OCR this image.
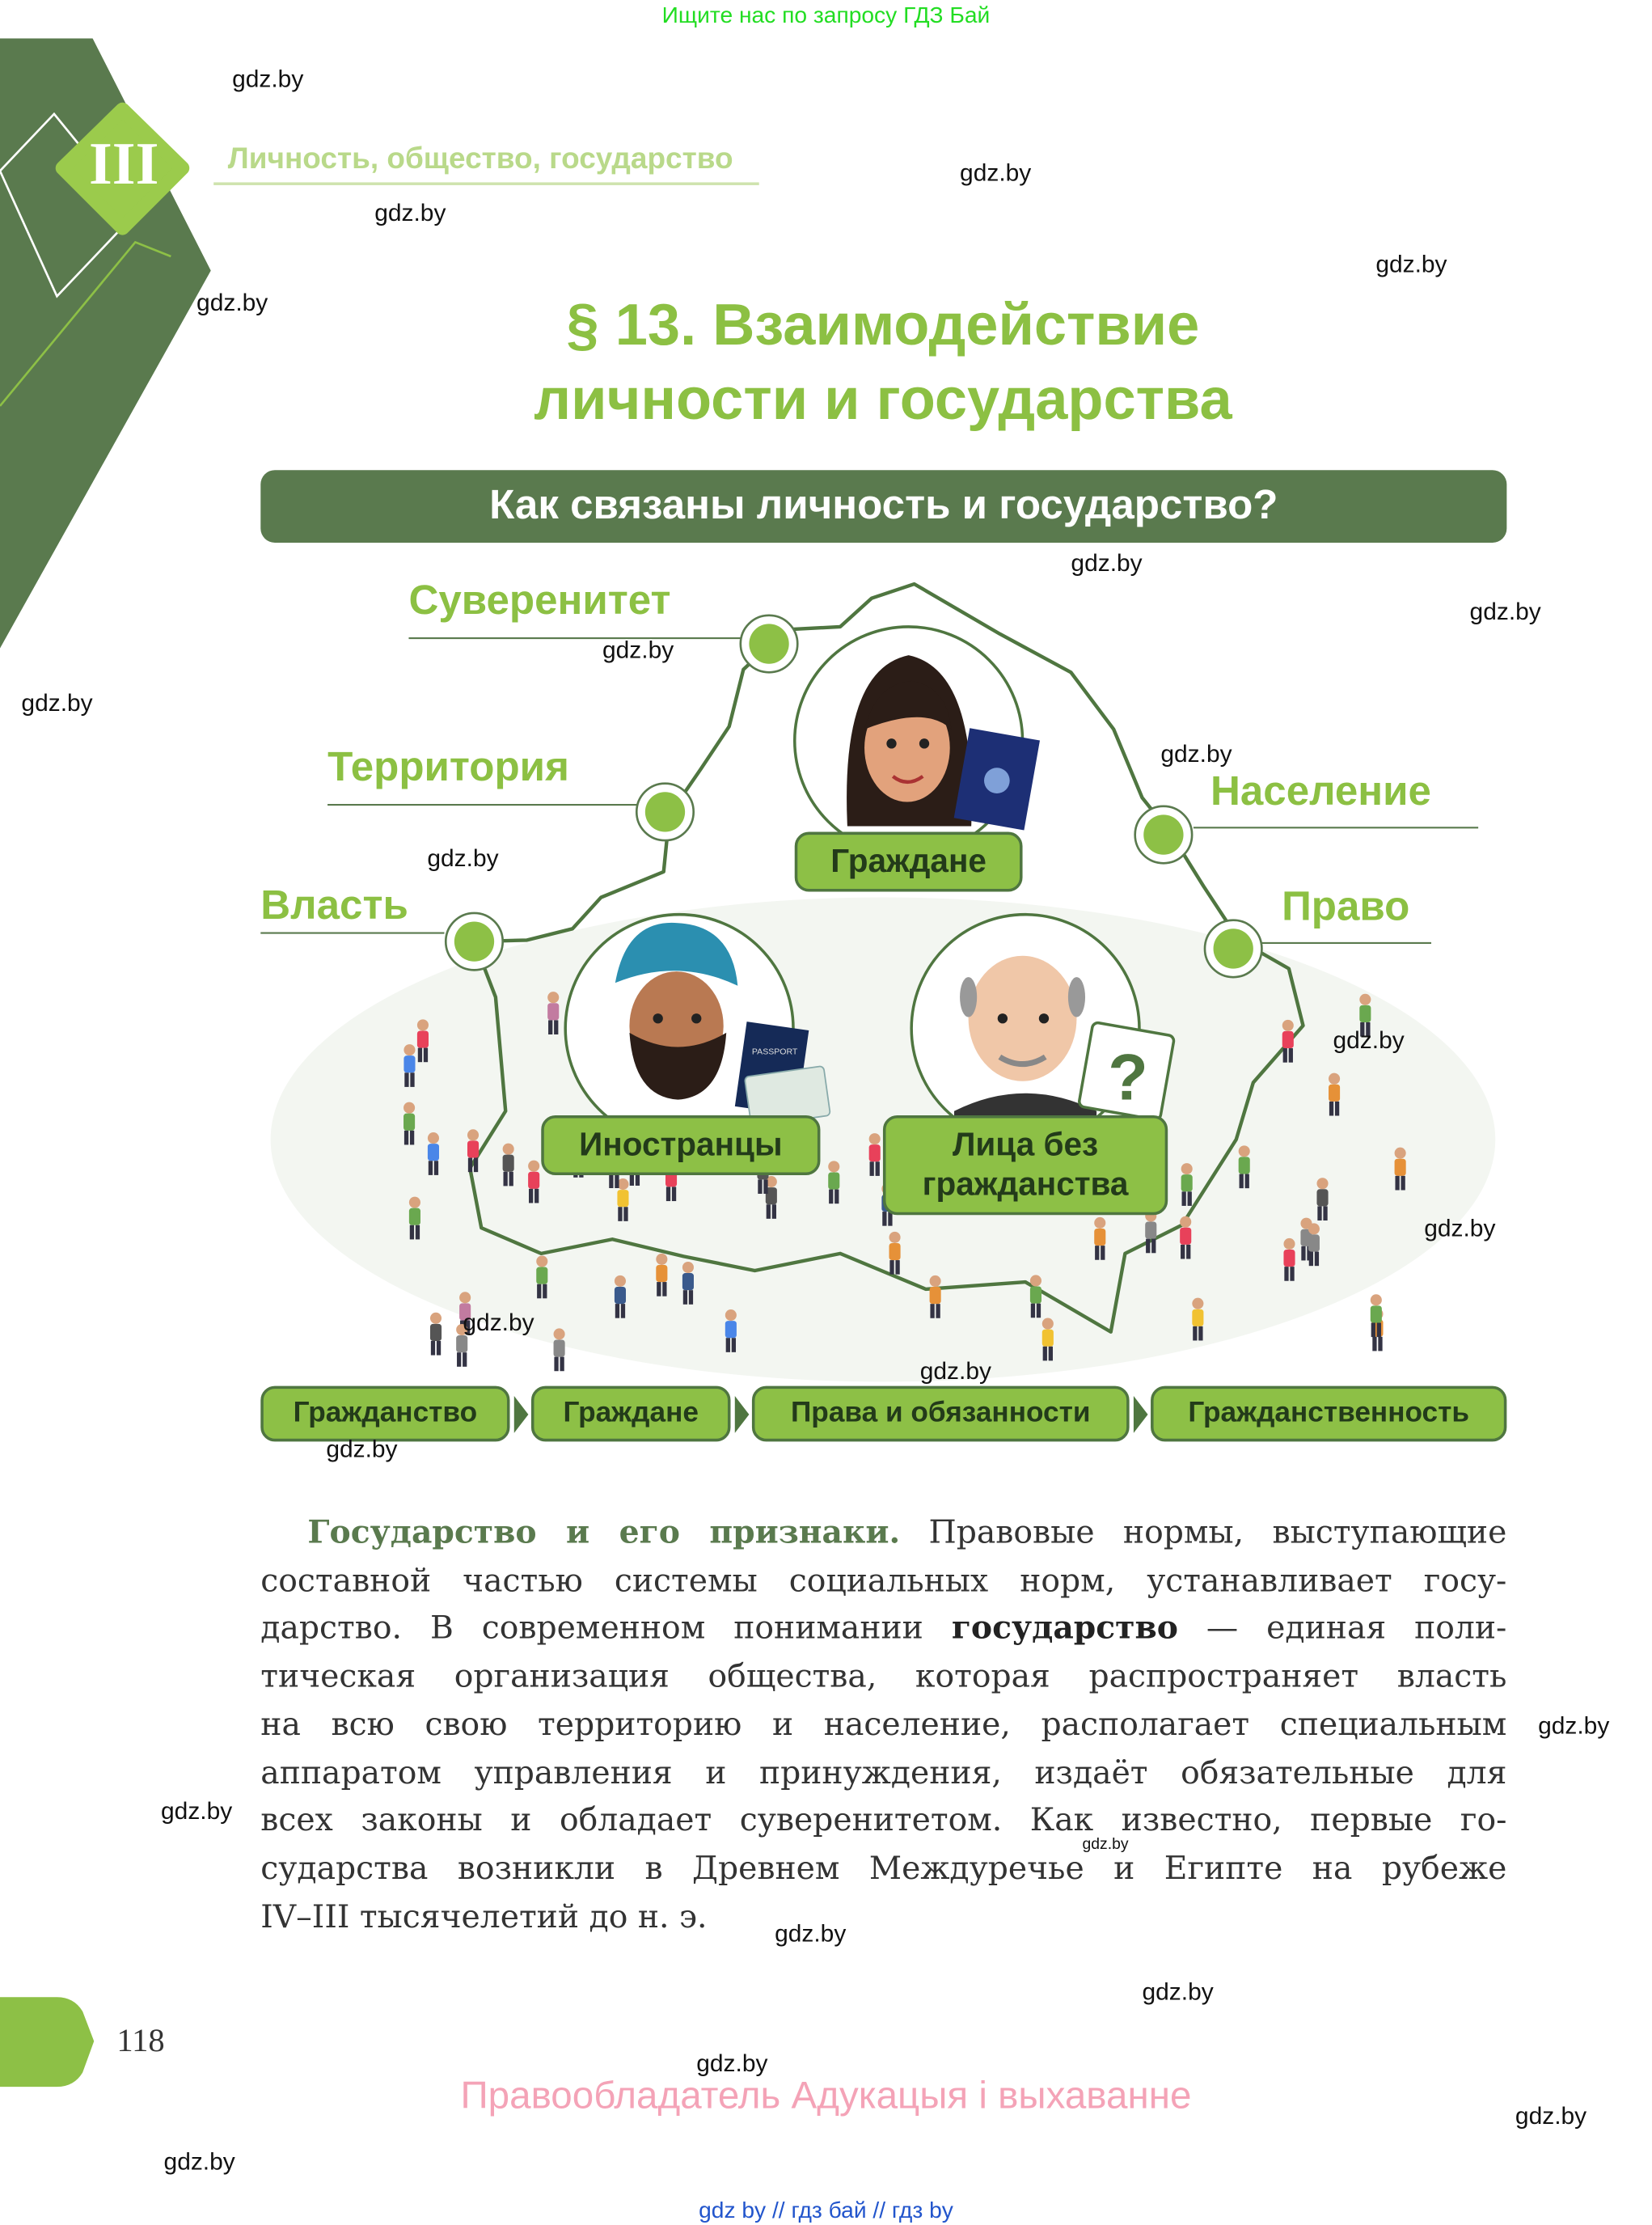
Ищите нас по запросу ГДЗ Бай
PASSPORT	?
III	Личность, общество, государство
§ 13. Взаимодействие
личности и государства
Как связаны личность и государство?
Суверенитет
Территория
Власть
Население
Право
Граждане
Иностранцы	Лица без гражданства
Гражданство	Граждане	Права и обязанности	Гражданственность
Государство и его признаки. Правовые нормы, выступающие
составной частью системы социальных норм, устанавливает госу-
дарство. В современном понимании государство — единая поли-
тическая организация общества, которая распространяет власть
на всю свою территорию и население, располагает специальным
аппаратом управления и принуждения, издаёт обязательные для
всех законы и обладает суверенитетом. Как известно, первые го-
сударства возникли в Древнем Междуречье и Египте на рубеже
IV–III тысячелетий до н. э.
118
Правообладатель Адукацыя і выхаванне
gdz by // гдз бай // гдз by
gdz.by
gdz.by
gdz.by
gdz.by
gdz.by
gdz.by
gdz.by
gdz.by
gdz.by
gdz.by
gdz.by
gdz.by
gdz.by
gdz.by
gdz.by
gdz.by
gdz.by
gdz.by
gdz.by
gdz.by
gdz.by
gdz.by
gdz.by
gdz.by
